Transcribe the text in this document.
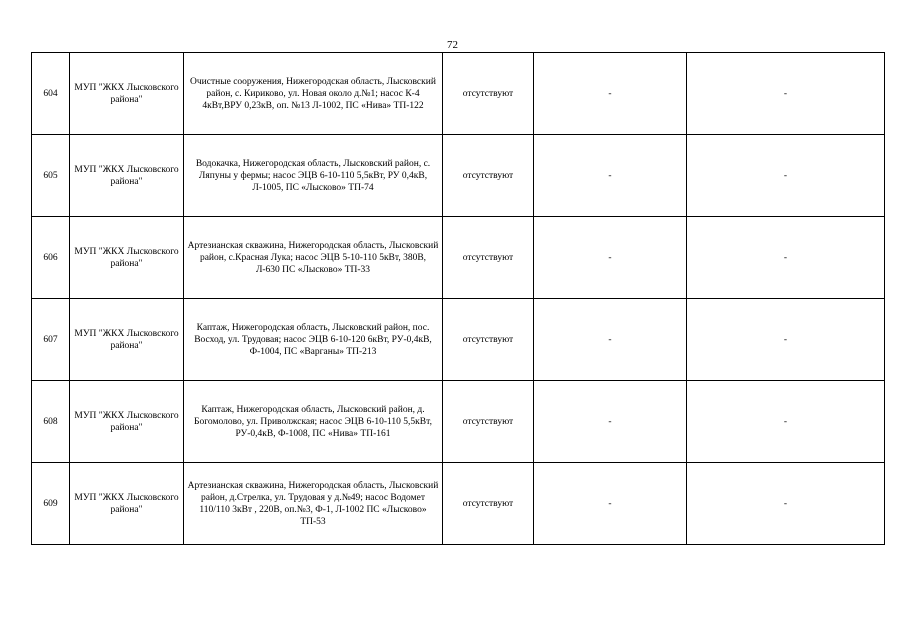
72
604	МУП "ЖКХ Лысковского района"	Очистные сооружения, Нижегородская область, Лысковский район, с. Кириково, ул. Новая около д.№1; насос К-4 4кВт,ВРУ 0,23кВ, оп. №13 Л-1002, ПС «Нива» ТП-122	отсутствуют	-	-
605	МУП "ЖКХ Лысковского района"	Водокачка, Нижегородская область, Лысковский район, с. Ляпуны у фермы; насос ЭЦВ 6-10-110 5,5кВт, РУ 0,4кВ, Л-1005, ПС «Лысково» ТП-74	отсутствуют	-	-
606	МУП "ЖКХ Лысковского района"	Артезианская скважина, Нижегородская область, Лысковский район, с.Красная Лука; насос ЭЦВ 5-10-110 5кВт, 380В, Л-630 ПС «Лысково» ТП-33	отсутствуют	-	-
607	МУП "ЖКХ Лысковского района"	Каптаж, Нижегородская область, Лысковский район, пос. Восход, ул. Трудовая; насос ЭЦВ 6-10-120 6кВт, РУ-0,4кВ, Ф-1004, ПС «Варганы» ТП-213	отсутствуют	-	-
608	МУП "ЖКХ Лысковского района"	Каптаж, Нижегородская область, Лысковский район, д. Богомолово, ул. Приволжская; насос ЭЦВ 6-10-110 5,5кВт, РУ-0,4кВ, Ф-1008, ПС «Нива» ТП-161	отсутствуют	-	-
609	МУП "ЖКХ Лысковского района"	Артезианская скважина, Нижегородская область, Лысковский район, д.Стрелка, ул. Трудовая у д.№49; насос Водомет 110/110 3кВт , 220В, оп.№3, Ф-1, Л-1002 ПС «Лысково» ТП-53	отсутствуют	-	-
